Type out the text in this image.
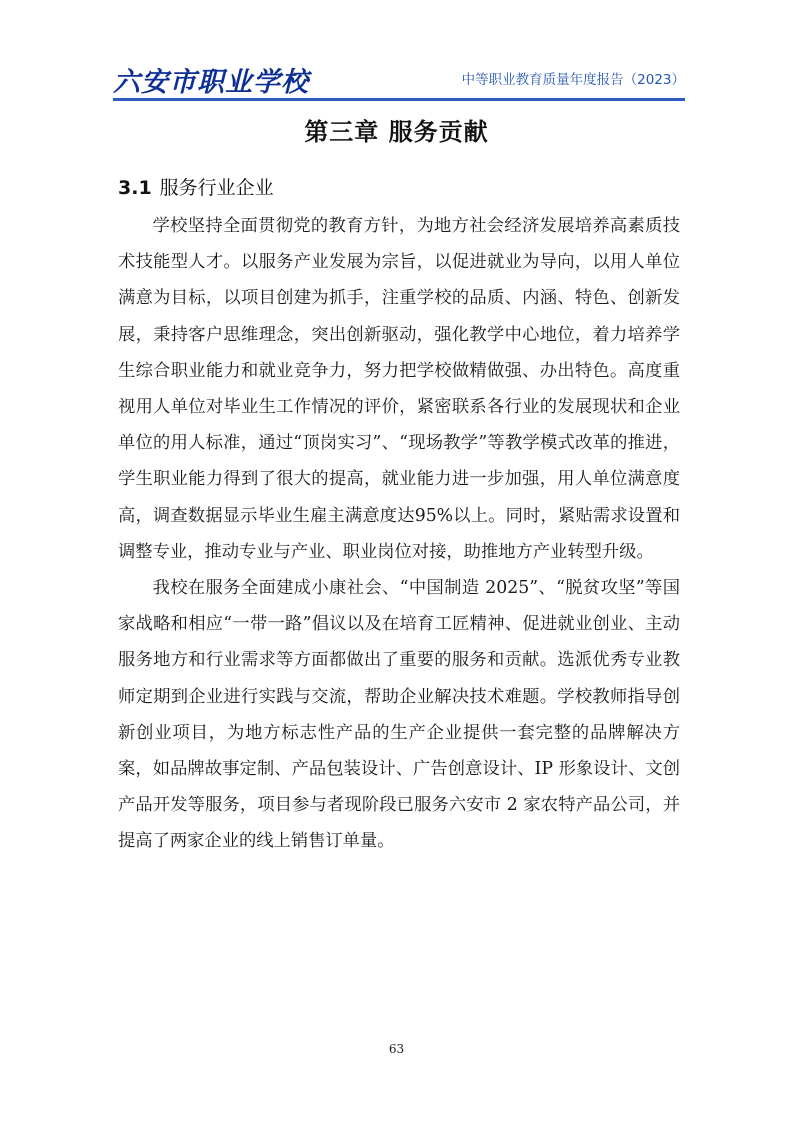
六安市职业学校	中等职业教育质量年度报告（2023）
第三章 服务贡献
3.1 服务行业企业

学校坚持全面贯彻党的教育方针，为地方社会经济发展培养高素质技术技能型人才。以服务产业发展为宗旨，以促进就业为导向，以用人单位满意为目标，以项目创建为抓手，注重学校的品质、内涵、特色、创新发展，秉持客户思维理念，突出创新驱动，强化教学中心地位，着力培养学生综合职业能力和就业竞争力，努力把学校做精做强、办出特色。高度重视用人单位对毕业生工作情况的评价，紧密联系各行业的发展现状和企业单位的用人标准，通过“顶岗实习”、“现场教学”等教学模式改革的推进，学生职业能力得到了很大的提高，就业能力进一步加强，用人单位满意度高，调查数据显示毕业生雇主满意度达95%以上。同时，紧贴需求设置和调整专业，推动专业与产业、职业岗位对接，助推地方产业转型升级。

我校在服务全面建成小康社会、“中国制造 2025”、“脱贫攻坚”等国家战略和相应“一带一路”倡议以及在培育工匠精神、促进就业创业、主动服务地方和行业需求等方面都做出了重要的服务和贡献。选派优秀专业教师定期到企业进行实践与交流，帮助企业解决技术难题。学校教师指导创新创业项目，为地方标志性产品的生产企业提供一套完整的品牌解决方案，如品牌故事定制、产品包装设计、广告创意设计、IP 形象设计、文创产品开发等服务，项目参与者现阶段已服务六安市 2 家农特产品公司，并提高了两家企业的线上销售订单量。

63
